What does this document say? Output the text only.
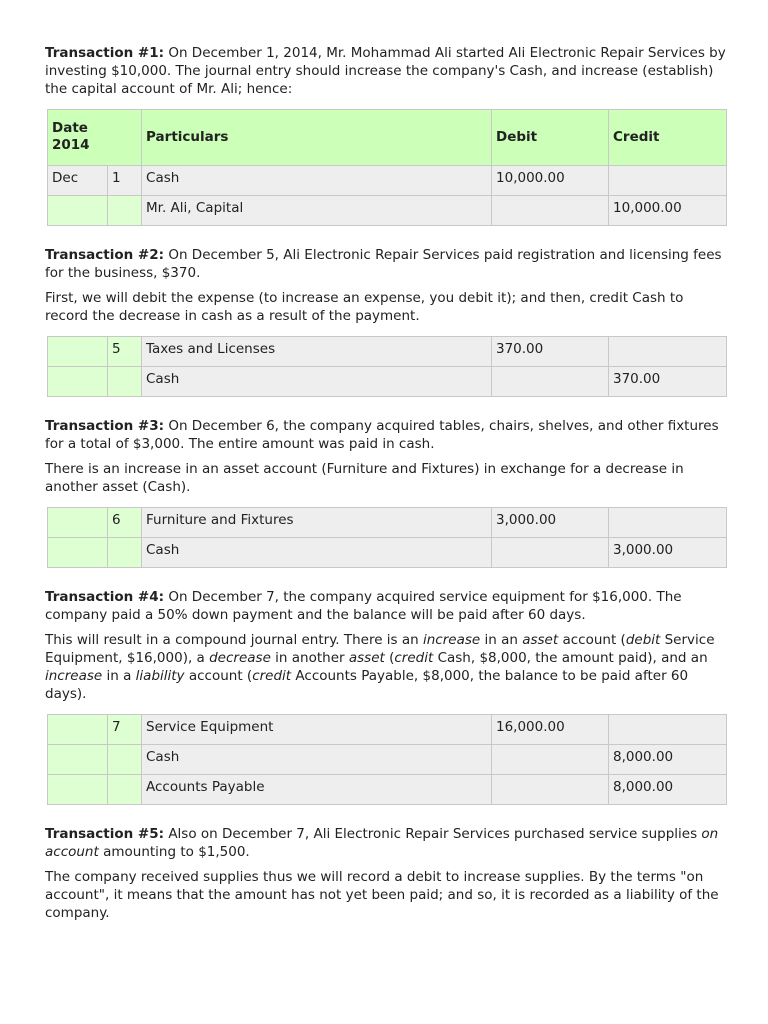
Transaction #1: On December 1, 2014, Mr. Mohammad Ali started Ali Electronic Repair Services by investing $10,000. The journal entry should increase the company's Cash, and increase (establish) the capital account of Mr. Ali; hence:

Date
2014		Particulars	Debit	Credit
Dec	1	Cash	10,000.00	
		Mr. Ali, Capital		10,000.00

Transaction #2: On December 5, Ali Electronic Repair Services paid registration and licensing fees for the business, $370.

First, we will debit the expense (to increase an expense, you debit it); and then, credit Cash to record the decrease in cash as a result of the payment.

	5	Taxes and Licenses	370.00	
		Cash		370.00

Transaction #3: On December 6, the company acquired tables, chairs, shelves, and other fixtures for a total of $3,000. The entire amount was paid in cash.

There is an increase in an asset account (Furniture and Fixtures) in exchange for a decrease in another asset (Cash).

	6	Furniture and Fixtures	3,000.00	
		Cash		3,000.00

Transaction #4: On December 7, the company acquired service equipment for $16,000. The company paid a 50% down payment and the balance will be paid after 60 days.

This will result in a compound journal entry. There is an increase in an asset account (debit Service Equipment, $16,000), a decrease in another asset (credit Cash, $8,000, the amount paid), and an increase in a liability account (credit Accounts Payable, $8,000, the balance to be paid after 60 days).

	7	Service Equipment	16,000.00	
		Cash		8,000.00
		Accounts Payable		8,000.00

Transaction #5: Also on December 7, Ali Electronic Repair Services purchased service supplies on account amounting to $1,500.

The company received supplies thus we will record a debit to increase supplies. By the terms "on account", it means that the amount has not yet been paid; and so, it is recorded as a liability of the company.
